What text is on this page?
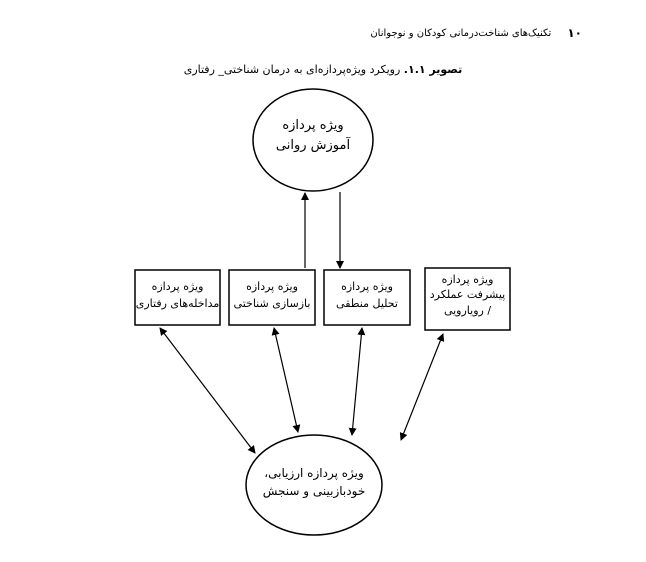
۱۰
تکنیک‌های شناخت‌درمانی کودکان و نوجوانان
تصویر ۱.۱. رویکرد ویژه‌پردازه‌ای به درمان شناختی_ رفتاری
ویژه پردازه
آموزش روانی
ویژه پردازه
مداخله‌های رفتاری
ویژه پردازه
بازسازی شناختی
ویژه پردازه
تحلیل منطقی
ویژه پردازه
پیشرفت عملکرد
/ رویارویی
ویژه پردازه ارزیابی،
خودبازبینی و سنجش
